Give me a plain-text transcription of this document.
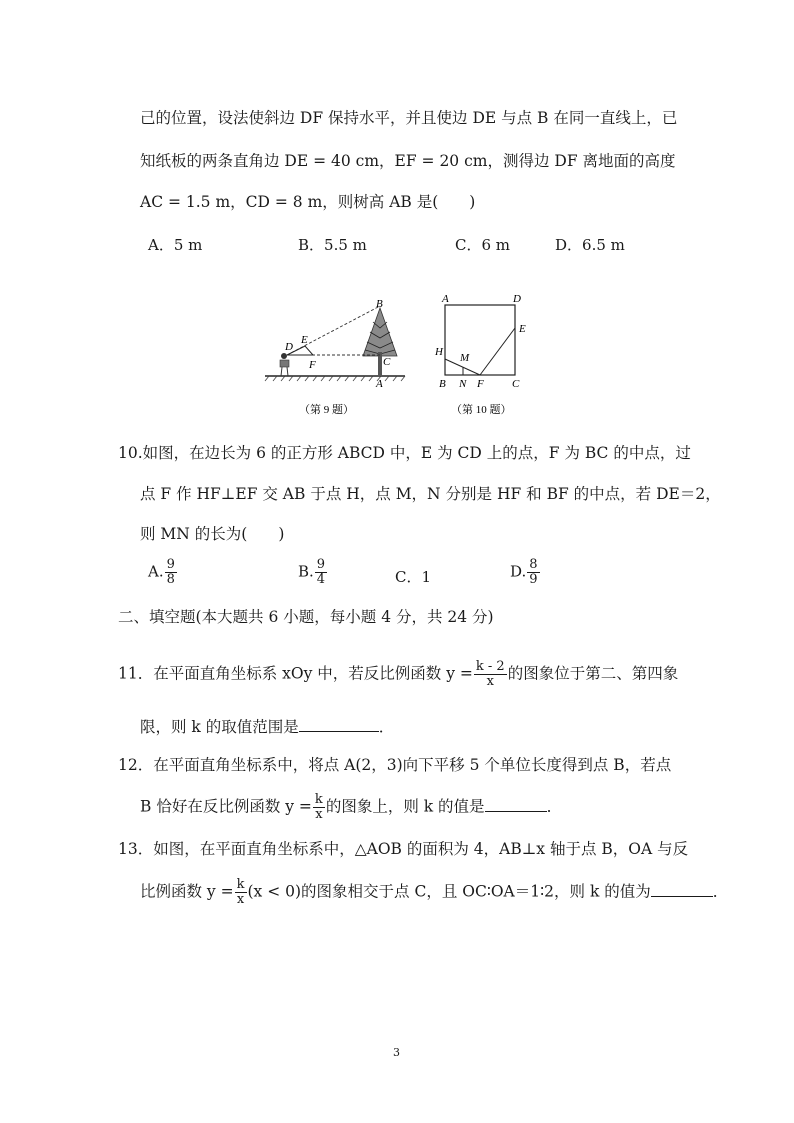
己的位置，设法使斜边 DF 保持水平，并且使边 DE 与点 B 在同一直线上，已
知纸板的两条直角边 DE = 40 cm，EF = 20 cm，测得边 DF 离地面的高度
AC = 1.5 m，CD = 8 m，则树高 AB 是(　　)
A．5 m	B．5.5 m	C．6 m	D．6.5 m
B
E
D
F	C
A
（第 9 题）
A	D
E
H M
B N F	C
（第 10 题）
10.如图，在边长为 6 的正方形 ABCD 中，E 为 CD 上的点，F 为 BC 的中点，过
点 F 作 HF⊥EF 交 AB 于点 H，点 M，N 分别是 HF 和 BF 的中点，若 DE＝2，
则 MN 的长为(　　)
A. $\frac{9}{8}$	B. $\frac{9}{4}$	C．1	D. $\frac{8}{9}$
二、填空题(本大题共 6 小题，每小题 4 分，共 24 分)
11．在平面直角坐标系 xOy 中，若反比例函数 $y = \frac{k - 2}{x}$ 的图象位于第二、第四象
限，则 k 的取值范围是	．
12．在平面直角坐标系中，将点 A(2，3)向下平移 5 个单位长度得到点 B，若点
B 恰好在反比例函数 $y = \frac{k}{x}$ 的图象上，则 k 的值是	．
13．如图，在平面直角坐标系中，△AOB 的面积为 4，AB⊥x 轴于点 B，OA 与反
比例函数 $y = \frac{k}{x} (x < 0)$的图象相交于点 C，且 OC∶OA＝1∶2，则 k 的值为	．
3
